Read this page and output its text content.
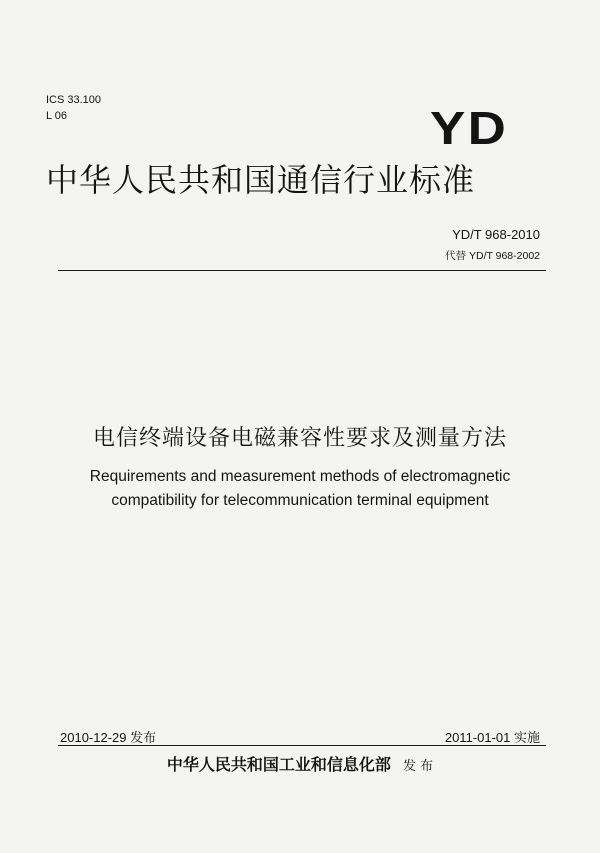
ICS 33.100
L 06	YD
中华人民共和国通信行业标准
YD/T 968-2010
代替 YD/T 968-2002
电信终端设备电磁兼容性要求及测量方法
Requirements and measurement methods of electromagnetic
compatibility for telecommunication terminal equipment
2010-12-29 发布	2011-01-01 实施
中华人民共和国工业和信息化部 发 布
